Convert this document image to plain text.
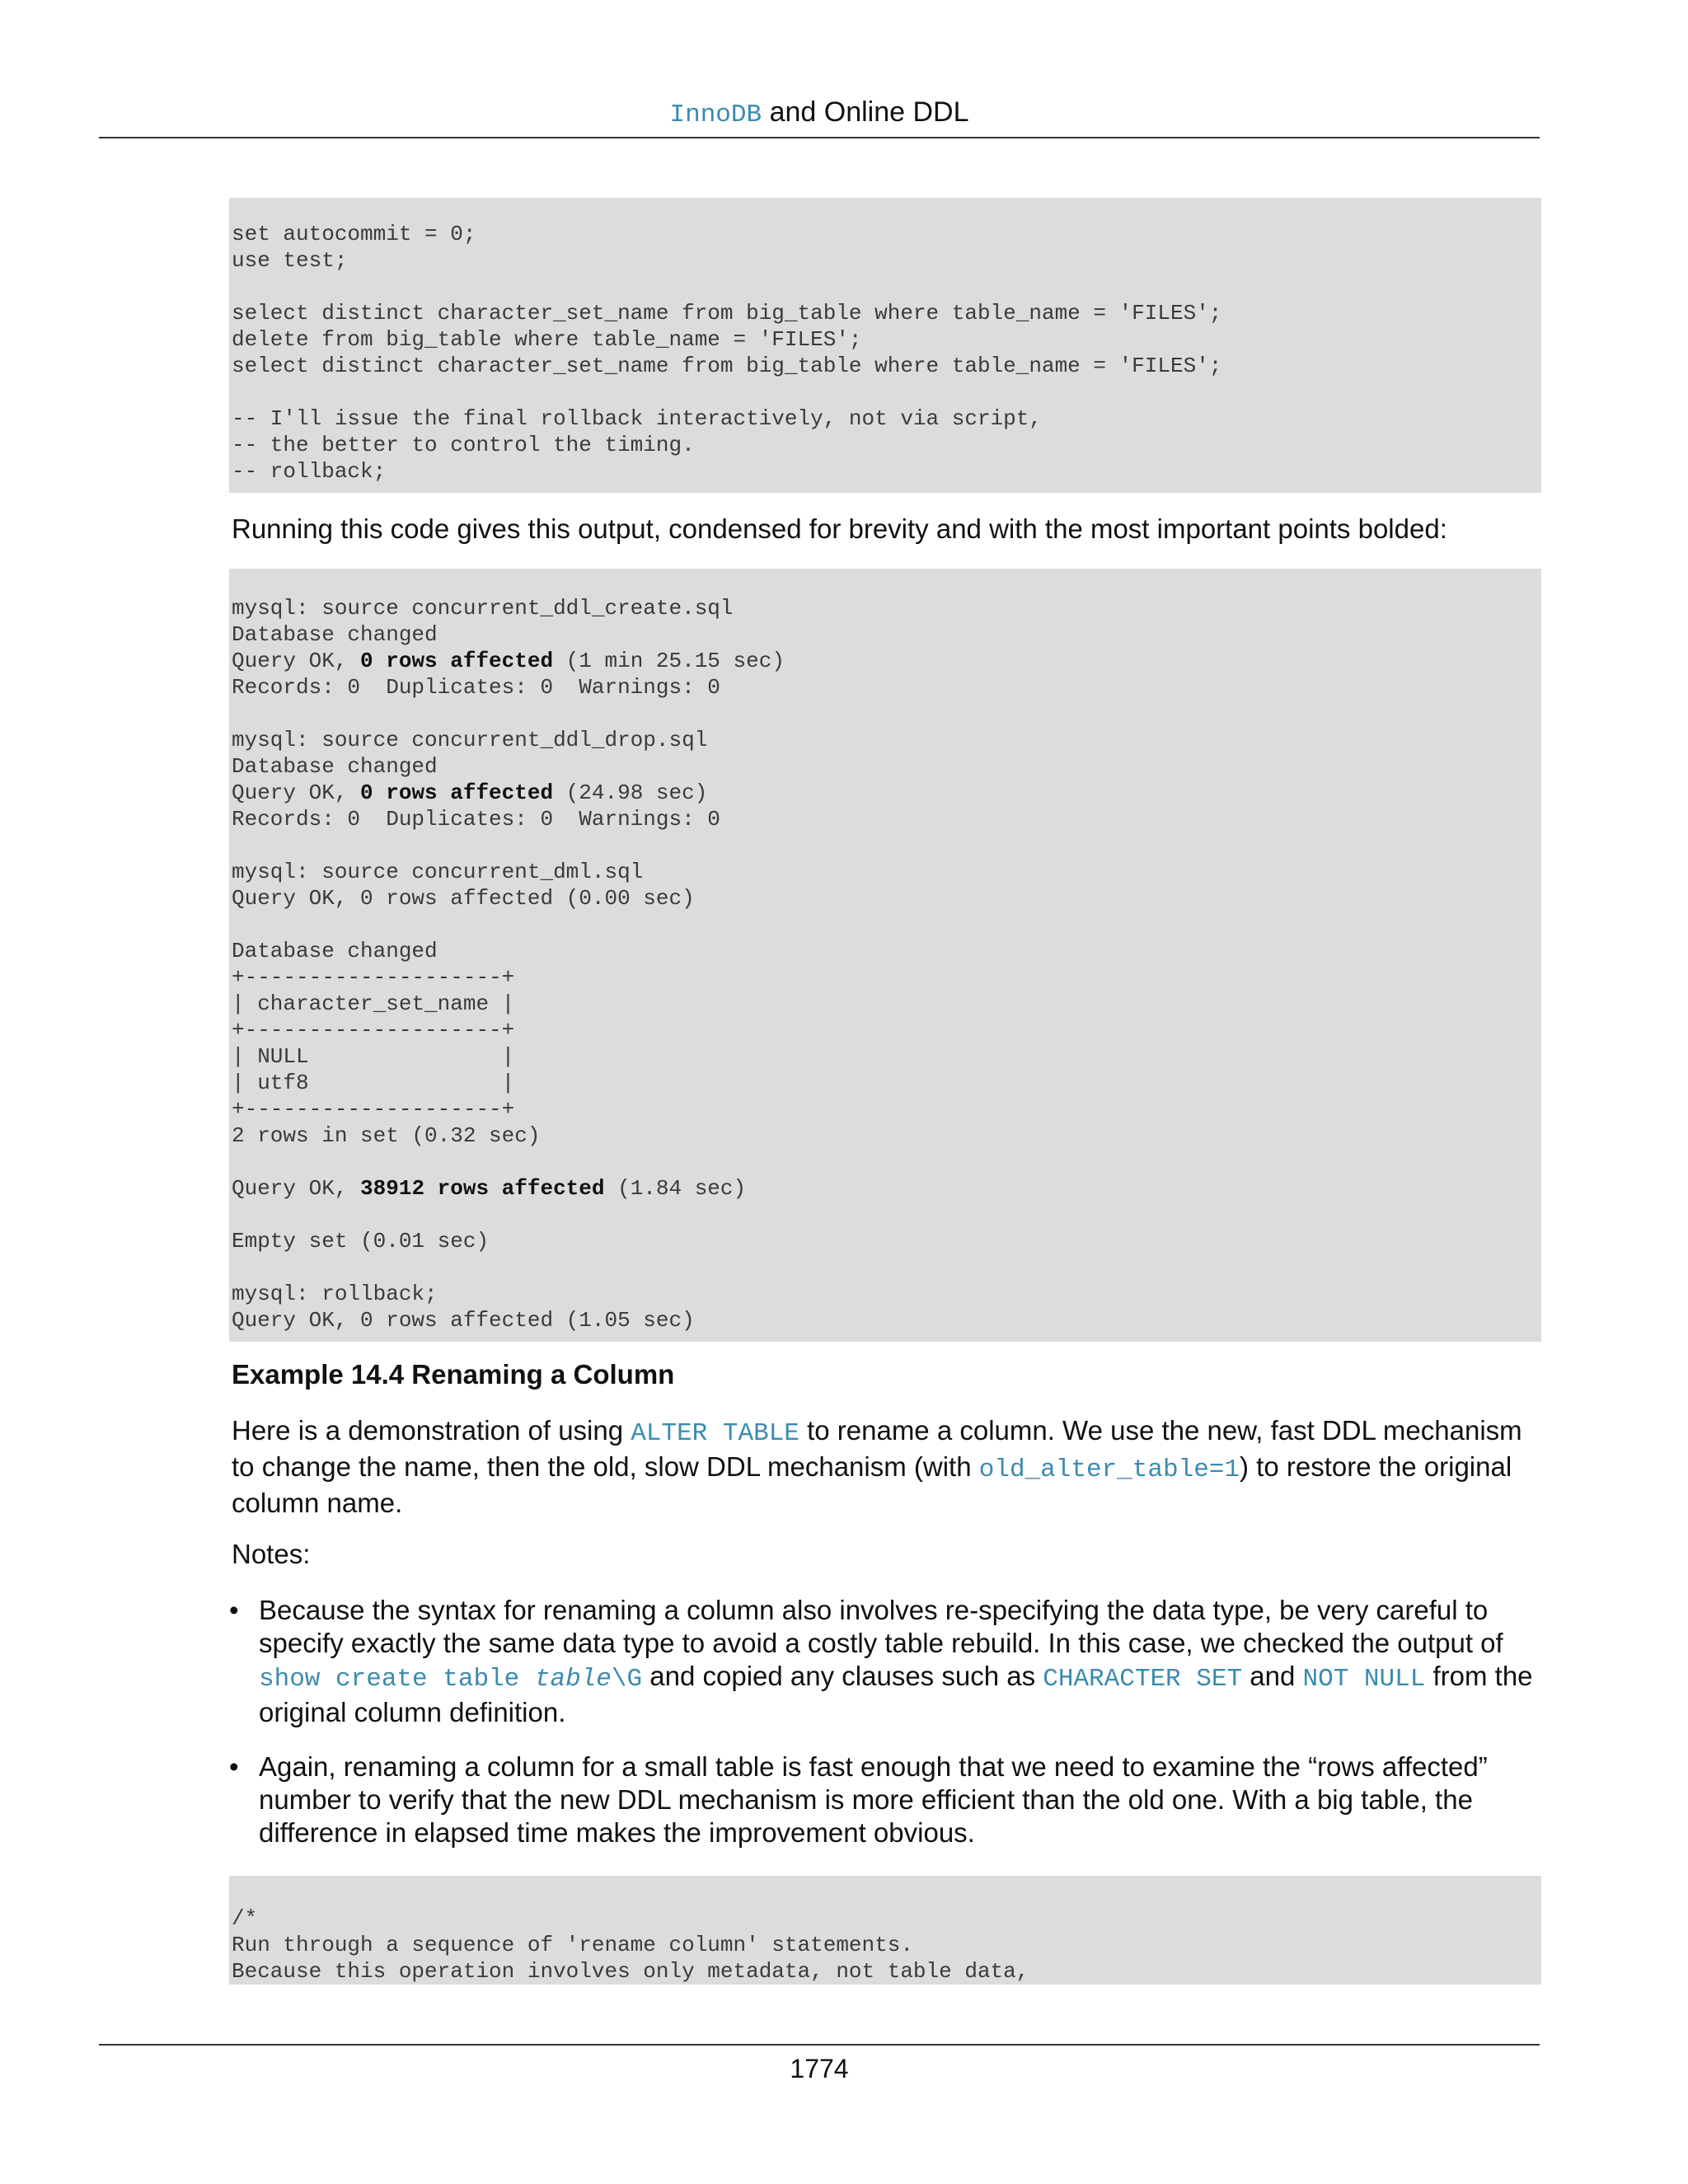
InnoDB and Online DDL
set autocommit = 0;
use test;
select distinct character_set_name from big_table where table_name = 'FILES';
delete from big_table where table_name = 'FILES';
select distinct character_set_name from big_table where table_name = 'FILES';
-- I'll issue the final rollback interactively, not via script,
-- the better to control the timing.
-- rollback;
Running this code gives this output, condensed for brevity and with the most important points bolded:
mysql: source concurrent_ddl_create.sql
Database changed
Query OK, 0 rows affected (1 min 25.15 sec)
Records: 0  Duplicates: 0  Warnings: 0
mysql: source concurrent_ddl_drop.sql
Database changed
Query OK, 0 rows affected (24.98 sec)
Records: 0  Duplicates: 0  Warnings: 0
mysql: source concurrent_dml.sql
Query OK, 0 rows affected (0.00 sec)
Database changed
+--------------------+
| character_set_name |
+--------------------+
| NULL               |
| utf8               |
+--------------------+
2 rows in set (0.32 sec)
Query OK, 38912 rows affected (1.84 sec)
Empty set (0.01 sec)
mysql: rollback;
Query OK, 0 rows affected (1.05 sec)
Example 14.4 Renaming a Column
Here is a demonstration of using ALTER TABLE to rename a column. We use the new, fast DDL mechanism to change the name, then the old, slow DDL mechanism (with old_alter_table=1) to restore the original column name.
Notes:
• Because the syntax for renaming a column also involves re-specifying the data type, be very careful to specify exactly the same data type to avoid a costly table rebuild. In this case, we checked the output of show create table table\G and copied any clauses such as CHARACTER SET and NOT NULL from the original column definition.
• Again, renaming a column for a small table is fast enough that we need to examine the “rows affected” number to verify that the new DDL mechanism is more efficient than the old one. With a big table, the difference in elapsed time makes the improvement obvious.
/*
Run through a sequence of 'rename column' statements.
Because this operation involves only metadata, not table data,
1774
